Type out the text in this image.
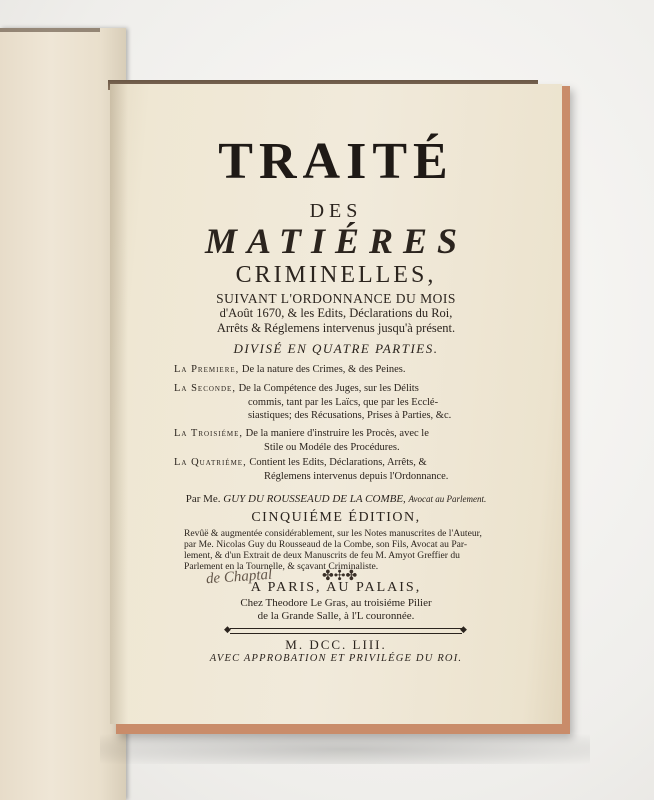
TRAITÉ
DES
MATIÉRES
CRIMINELLES,
SUIVANT L'ORDONNANCE DU MOIS
d'Août 1670, & les Edits, Déclarations du Roi,
Arrêts & Réglemens intervenus jusqu'à présent.
DIVISÉ EN QUATRE PARTIES.
La Premiere, De la nature des Crimes, & des Peines.
La Seconde, De la Compétence des Juges, sur les Délits
commis, tant par les Laïcs, que par les Ecclé-
siastiques; des Récusations, Prises à Parties, &c.
La Troisiéme, De la maniere d'instruire les Procès, avec le
Stile ou Modéle des Procédures.
La Quatriéme, Contient les Edits, Déclarations, Arrêts, &
Réglemens intervenus depuis l'Ordonnance.
Par Me. GUY DU ROUSSEAUD DE LA COMBE, Avocat au Parlement.
CINQUIÉME ÉDITION,
Revûë & augmentée considérablement, sur les Notes manuscrites de l'Auteur,
par Me. Nicolas Guy du Rousseaud de la Combe, son Fils, Avocat au Par-
lement, & d'un Extrait de deux Manuscrits de feu M. Amyot Greffier du
Parlement en la Tournelle, & sçavant Criminaliste.
de Chaptal	✤✣✤
A PARIS, AU PALAIS,
Chez Theodore Le Gras, au troisiéme Pilier
de la Grande Salle, à l'L couronnée.
◆	◆
M. DCC. LIII.
AVEC APPROBATION ET PRIVILÉGE DU ROI.
